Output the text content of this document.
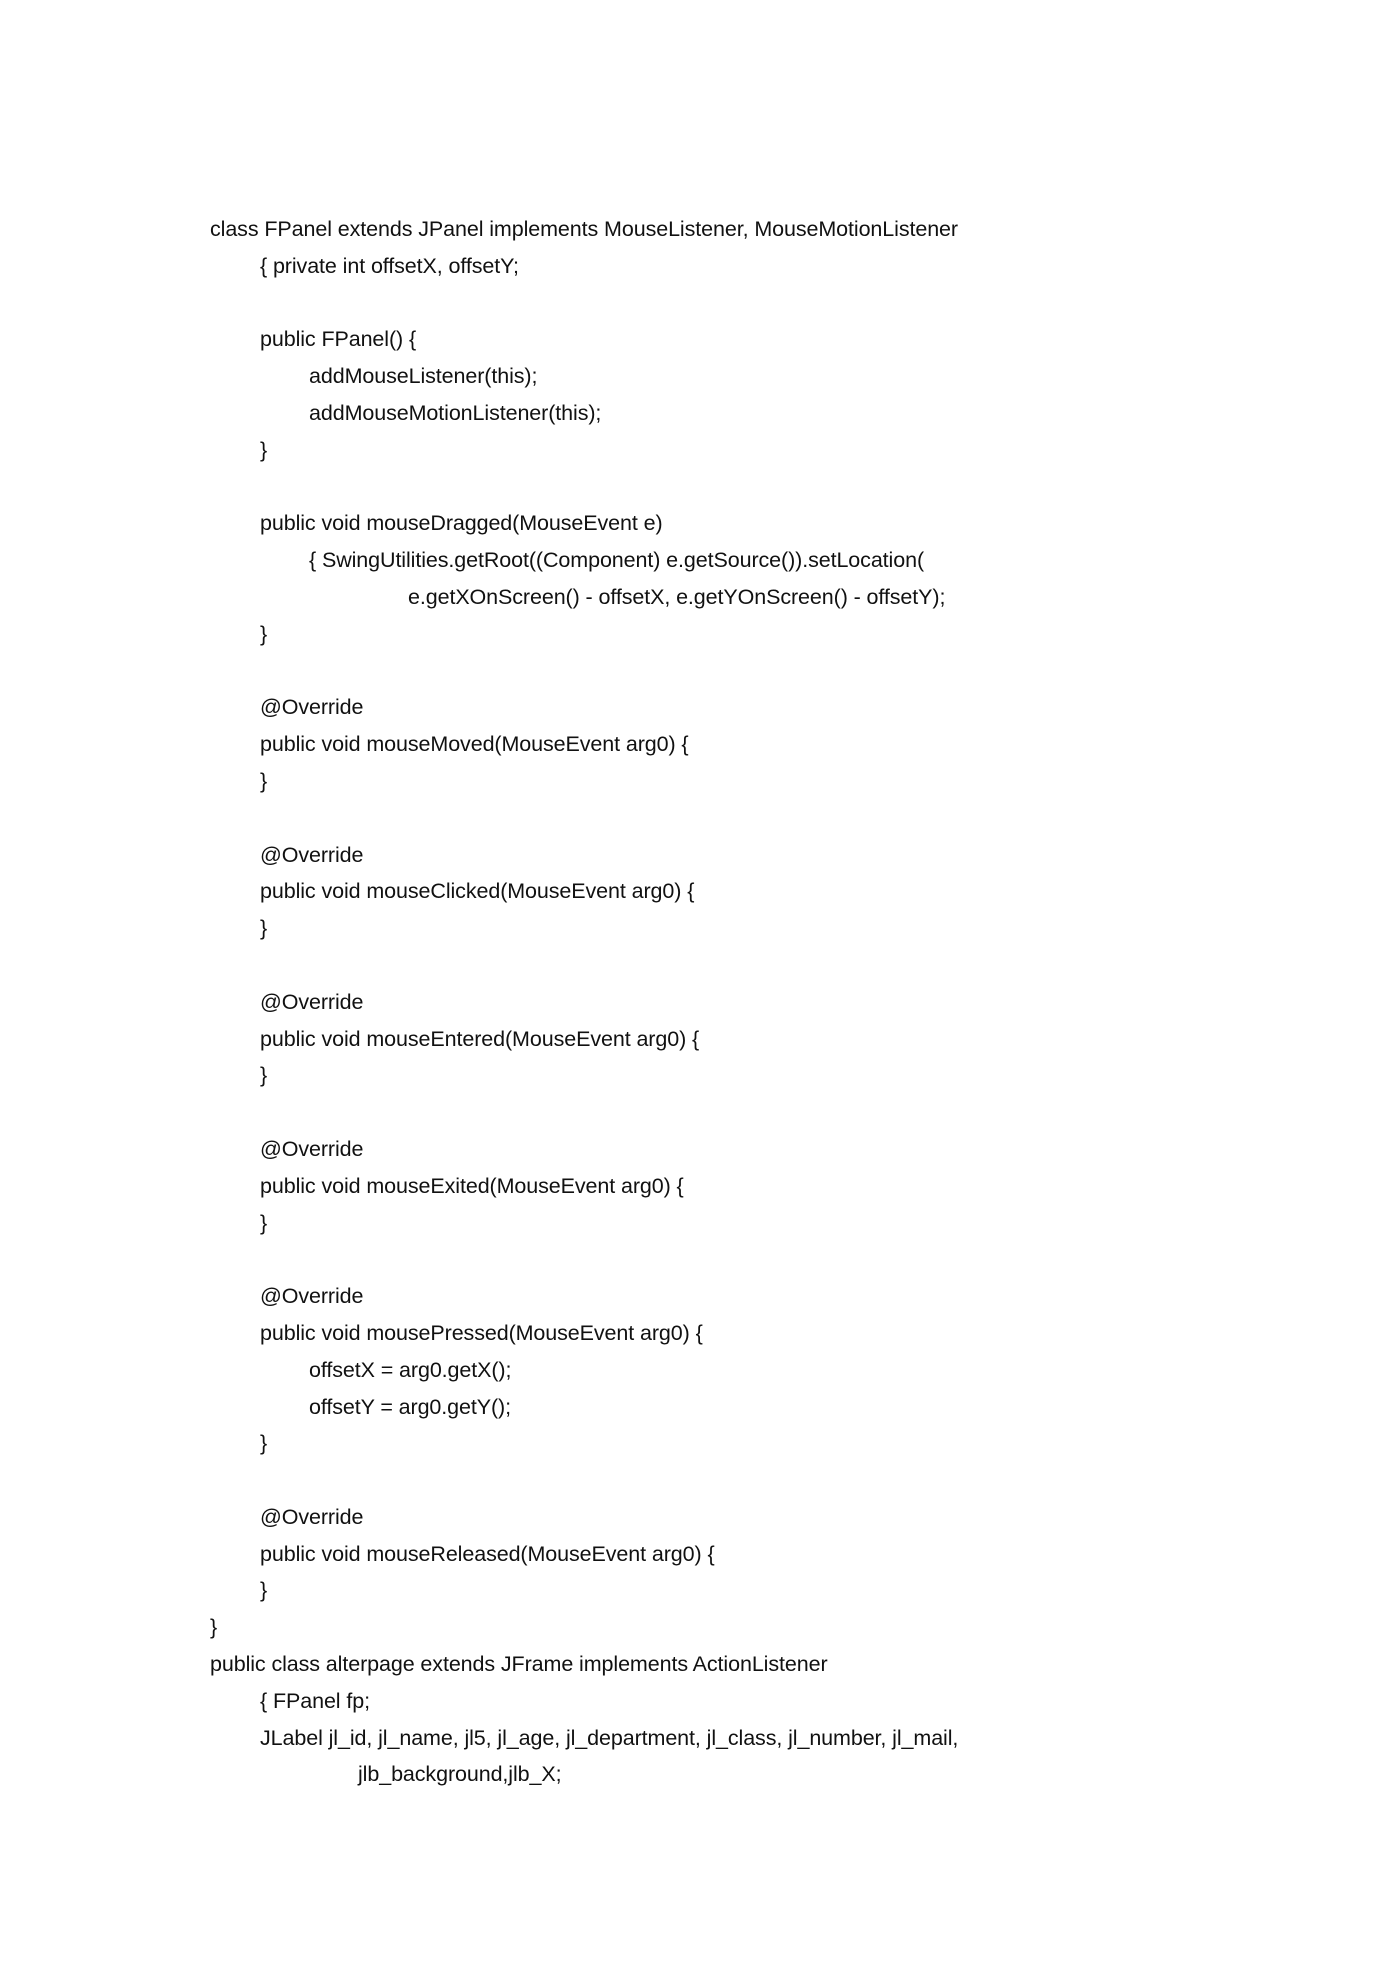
class FPanel extends JPanel implements MouseListener, MouseMotionListener
{ private int offsetX, offsetY;
public FPanel() {
addMouseListener(this);
addMouseMotionListener(this);
}
public void mouseDragged(MouseEvent e)
{ SwingUtilities.getRoot((Component) e.getSource()).setLocation(
e.getXOnScreen() - offsetX, e.getYOnScreen() - offsetY);
}
@Override
public void mouseMoved(MouseEvent arg0) {
}
@Override
public void mouseClicked(MouseEvent arg0) {
}
@Override
public void mouseEntered(MouseEvent arg0) {
}
@Override
public void mouseExited(MouseEvent arg0) {
}
@Override
public void mousePressed(MouseEvent arg0) {
offsetX = arg0.getX();
offsetY = arg0.getY();
}
@Override
public void mouseReleased(MouseEvent arg0) {
}
}
public class alterpage extends JFrame implements ActionListener
{ FPanel fp;
JLabel jl_id, jl_name, jl5, jl_age, jl_department, jl_class, jl_number, jl_mail,
jlb_background,jlb_X;
